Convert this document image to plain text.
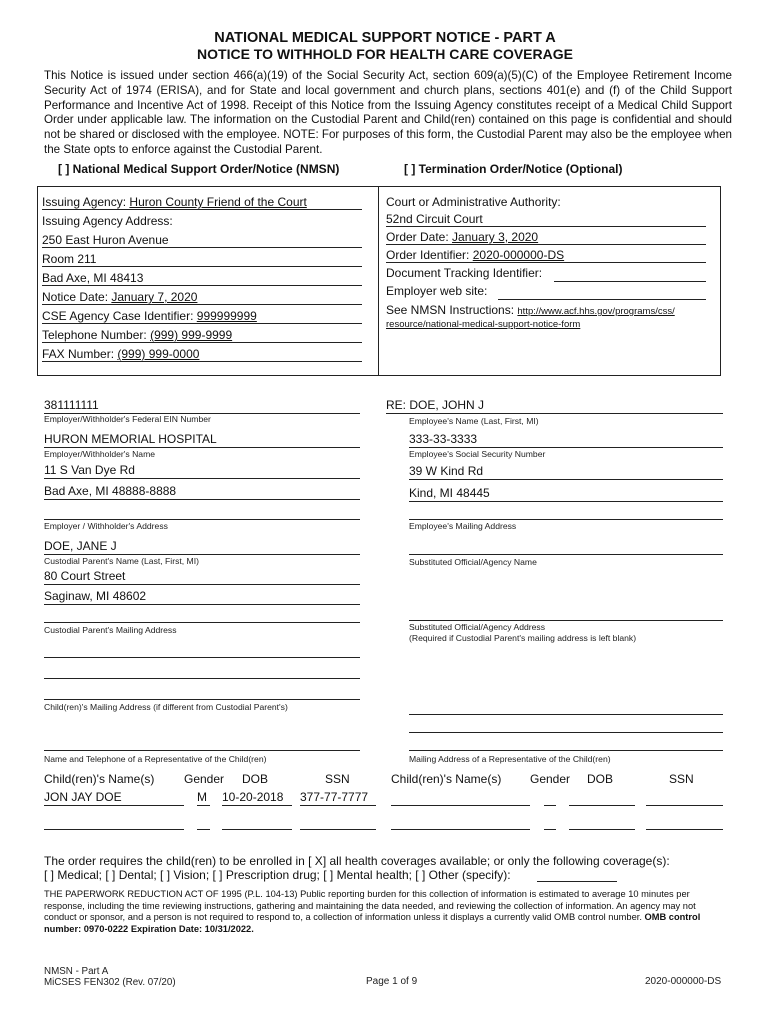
NATIONAL MEDICAL SUPPORT NOTICE - PART A
NOTICE TO WITHHOLD FOR HEALTH CARE COVERAGE
This Notice is issued under section 466(a)(19) of the Social Security Act, section 609(a)(5)(C) of the Employee Retirement Income Security Act of 1974 (ERISA), and for State and local government and church plans, sections 401(e) and (f) of the Child Support Performance and Incentive Act of 1998. Receipt of this Notice from the Issuing Agency constitutes receipt of a Medical Child Support Order under applicable law. The information on the Custodial Parent and Child(ren) contained on this page is confidential and should not be shared or disclosed with the employee. NOTE: For purposes of this form, the Custodial Parent may also be the employee when the State opts to enforce against the Custodial Parent.
[ ] National Medical Support Order/Notice (NMSN)	[ ] Termination Order/Notice (Optional)
Issuing Agency: Huron County Friend of the Court
Issuing Agency Address:
250 East Huron Avenue
Room 211
Bad Axe, MI 48413
Notice Date: January 7, 2020
CSE Agency Case Identifier: 999999999
Telephone Number: (999) 999-9999
FAX Number: (999) 999-0000
Court or Administrative Authority:
52nd Circuit Court
Order Date: January 3, 2020
Order Identifier: 2020-000000-DS
Document Tracking Identifier:
Employer web site:
See NMSN Instructions: http://www.acf.hhs.gov/programs/css/
resource/national-medical-support-notice-form
381111111
Employer/Withholder's Federal EIN Number
RE: DOE, JOHN J
Employee's Name (Last, First, MI)
HURON MEMORIAL HOSPITAL
Employer/Withholder's Name
333-33-3333
Employee's Social Security Number
11 S Van Dye Rd
Bad Axe, MI 48888-8888
Employer / Withholder's Address
39 W Kind Rd
Kind, MI 48445
Employee's Mailing Address
DOE, JANE J
Custodial Parent's Name (Last, First, MI)	Substituted Official/Agency Name
80 Court Street
Saginaw, MI 48602
Custodial Parent's Mailing Address	Substituted Official/Agency Address
(Required if Custodial Parent's mailing address is left blank)
Child(ren)'s Mailing Address (if different from Custodial Parent's)
Name and Telephone of a Representative of the Child(ren)	Mailing Address of a Representative of the Child(ren)
Child(ren)'s Name(s) Gender DOB	SSN	Child(ren)'s Name(s) Gender DOB	SSN
JON JAY DOE	M 10-20-2018	377-77-7777
The order requires the child(ren) to be enrolled in [ X] all health coverages available; or only the following coverage(s):
[ ] Medical; [ ] Dental; [ ] Vision; [ ] Prescription drug; [ ] Mental health; [ ] Other (specify):
THE PAPERWORK REDUCTION ACT OF 1995 (P.L. 104-13) Public reporting burden for this collection of information is estimated to average 10 minutes per response, including the time reviewing instructions, gathering and maintaining the data needed, and reviewing the collection of information. An agency may not conduct or sponsor, and a person is not required to respond to, a collection of information unless it displays a currently valid OMB control number. OMB control number: 0970-0222 Expiration Date: 10/31/2022.
NMSN - Part A
MiCSES FEN302 (Rev. 07/20)	Page 1 of 9	2020-000000-DS
